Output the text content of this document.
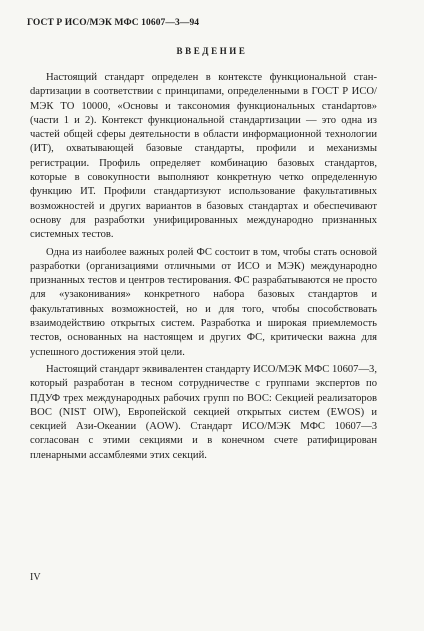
ГОСТ Р ИСО/МЭК МФС 10607—3—94
ВВЕДЕНИЕ

Настоящий стандарт определен в контексте функциональной станdартизации в соответствии с принципами, определенными в ГОСТ Р ИСО/МЭК ТО 10000, «Основы и таксономия функциональных станdартов» (части 1 и 2). Контекст функциональной стандартизации — это одна из частей общей сферы деятельности в области информационной технологии (ИТ), охватывающей базовые стандарты, профили и механизмы регистрации. Профиль определяет комбинацию базовых стандартов, которые в совокупности выполняют конкретную четко определенную функцию ИТ. Профили стандартизуют использование факультативных возможностей и других вариантов в базовых стандартах и обеспечивают основу для разработки унифицированных международно признанных системных тестов.

Одна из наиболее важных ролей ФС состоит в том, чтобы стать основой разработки (организациями отличными от ИСО и МЭК) международно признанных тестов и центров тестирования. ФС разрабатываются не просто для «узаконивания» конкретного набора базовых стандартов и факультативных возможностей, но и для того, чтобы способствовать взаимодействию открытых систем. Разработка и широкая приемлемость тестов, основанных на настоящем и других ФС, критически важна для успешного достижения этой цели.

Настоящий стандарт эквивалентен стандарту ИСО/МЭК МФС 10607—3, который разработан в тесном сотрудничестве с группами экспертов по ПДУФ трех международных рабочих групп по ВОС: Секцией реализаторов ВОС (NIST OIW), Европейской секцией открытых систем (EWOS) и секцией Ази-Океании (AOW). Стандарт ИСО/МЭК МФС 10607—3 согласован с этими секциями и в конечном счете ратифицирован пленарными ассамблеями этих секций.

IV
